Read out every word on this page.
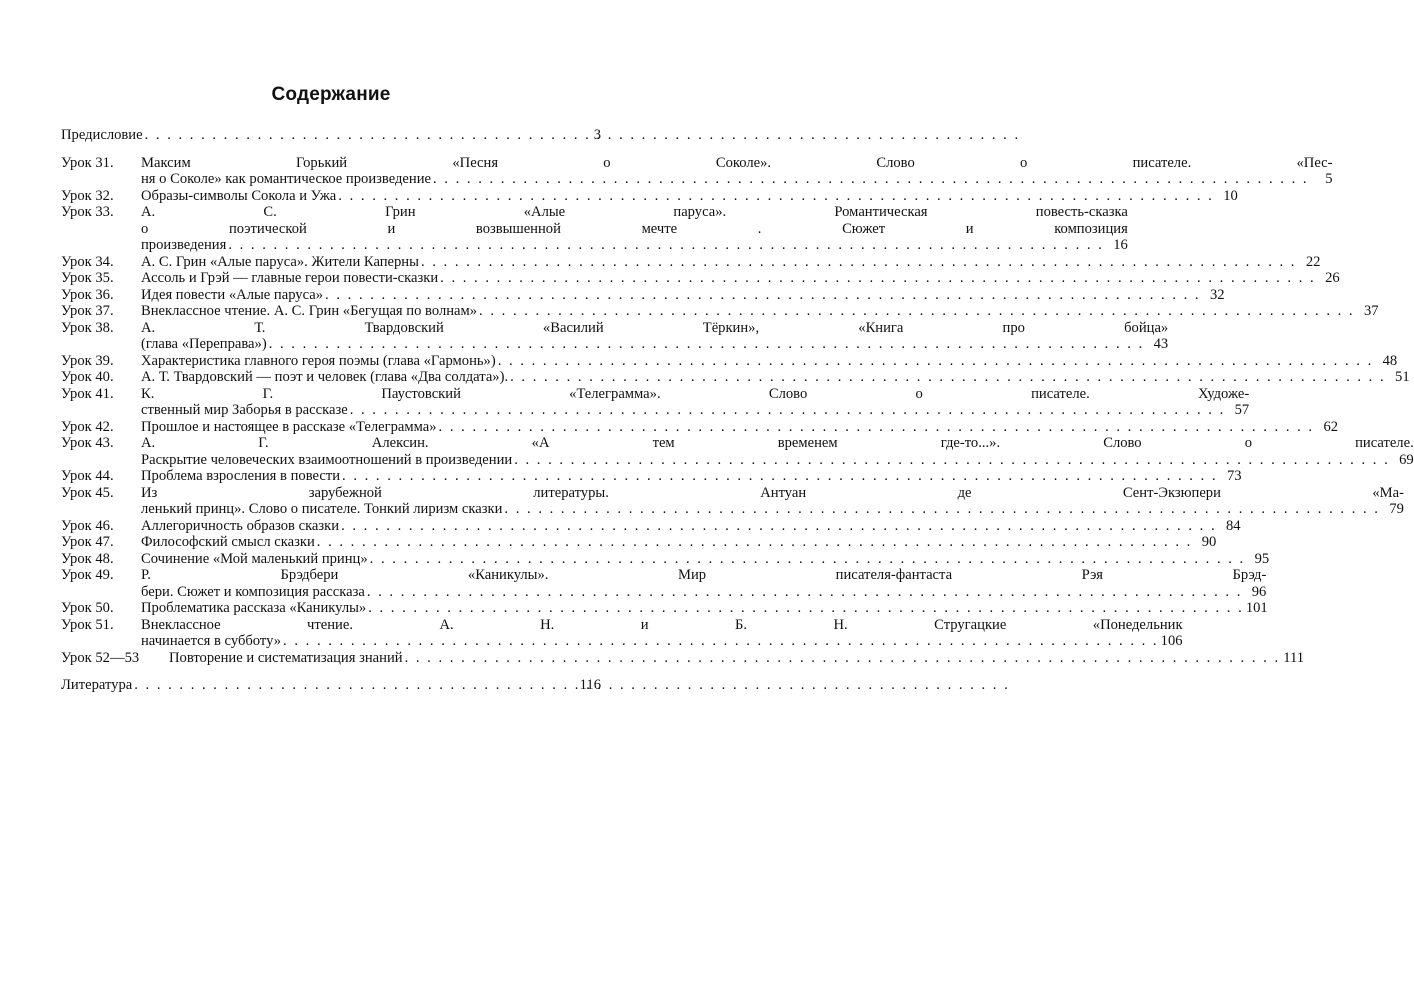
Содержание
Предисловие . . .	3
Урок 31.	Максим Горький «Песня о Соколе». Слово о писателе. «Пес-
ня о Соколе» как романтическое произведение . . .	5
Урок 32.	Образы-символы Сокола и Ужа . . .	10
Урок 33.	А. С. Грин «Алые паруса». Романтическая повесть-сказка
о поэтической и возвышенной мечте . Сюжет и композиция
произведения . . .	16
Урок 34.	А. С. Грин «Алые паруса». Жители Каперны . . .	22
Урок 35.	Ассоль и Грэй — главные герои повести-сказки . . .	26
Урок 36.	Идея повести «Алые паруса» . . .	32
Урок 37.	Внеклассное чтение. А. С. Грин «Бегущая по волнам» . . .	37
Урок 38.	А. Т. Твардовский «Василий Тёркин», «Книга про бойца»
(глава «Переправа») . . .	43
Урок 39.	Характеристика главного героя поэмы (глава «Гармонь») . . .	48
Урок 40.	А. Т. Твардовский — поэт и человек (глава «Два солдата»). . . .	51
Урок 41.	К. Г. Паустовский «Телеграмма». Слово о писателе. Художе-
ственный мир Заборья в рассказе . . .	57
Урок 42.	Прошлое и настоящее в рассказе «Телеграмма» . . .	62
Урок 43.	А. Г. Алексин. «А тем временем где-то...». Слово о писателе.
Раскрытие человеческих взаимоотношений в произведении . . .	69
Урок 44.	Проблема взросления в повести . . .	73
Урок 45.	Из зарубежной литературы. Антуан де Сент-Экзюпери «Ма-
ленький принц». Слово о писателе. Тонкий лиризм сказки . . .	79
Урок 46.	Аллегоричность образов сказки . . .	84
Урок 47.	Философский смысл сказки . . .	90
Урок 48.	Сочинение «Мой маленький принц» . . .	95
Урок 49.	Р. Брэдбери «Каникулы». Мир писателя-фантаста Рэя Брэд-
бери. Сюжет и композиция рассказа . . .	96
Урок 50.	Проблематика рассказа «Каникулы» . . .	101
Урок 51.	Внеклассное чтение. А. Н. и Б. Н. Стругацкие «Понедельник
начинается в субботу» . . .	106
Урок 52—53	Повторение и систематизация знаний . . .	111
Литература . . .	116
